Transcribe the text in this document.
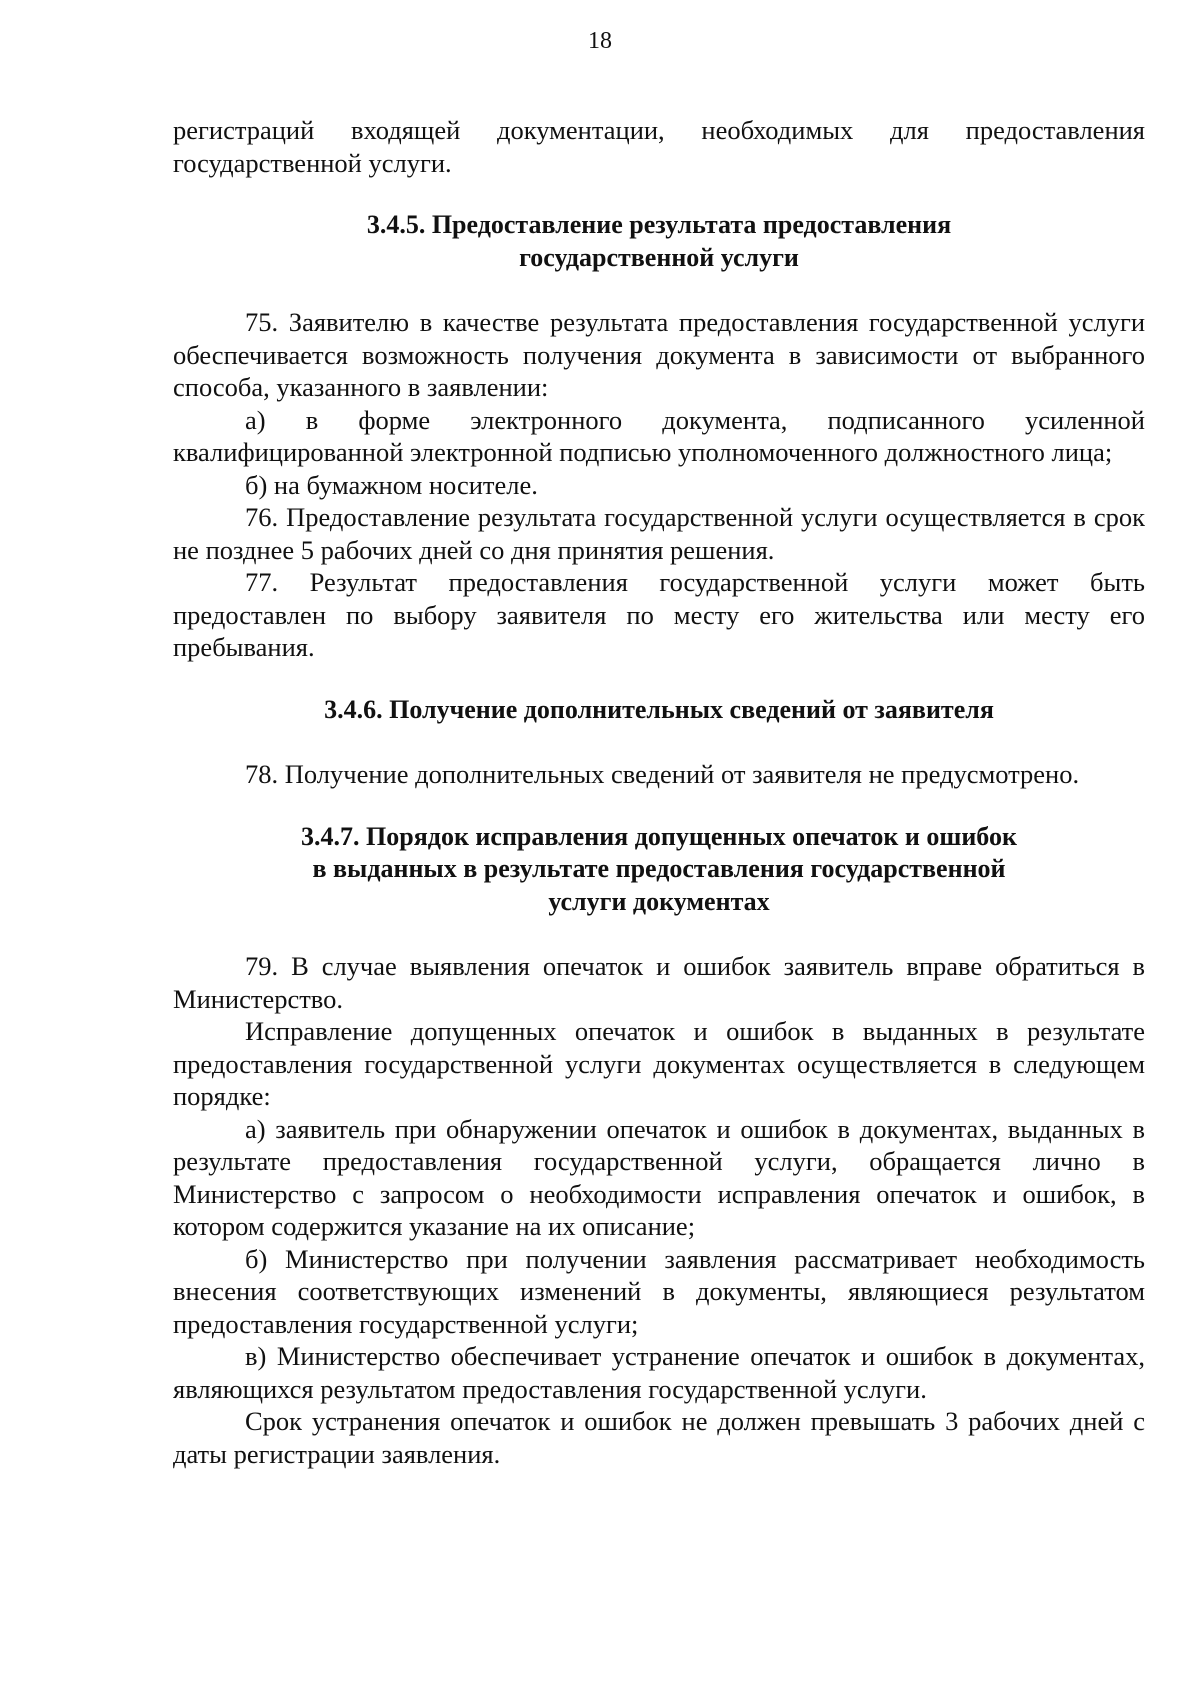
18

регистраций входящей документации, необходимых для предоставления государственной услуги.

3.4.5. Предоставление результата предоставления
государственной услуги

75. Заявителю в качестве результата предоставления государственной услуги обеспечивается возможность получения документа в зависимости от выбранного способа, указанного в заявлении:

а) в форме электронного документа, подписанного усиленной квалифицированной электронной подписью уполномоченного должностного лица;

б) на бумажном носителе.

76. Предоставление результата государственной услуги осуществляется в срок не позднее 5 рабочих дней со дня принятия решения.

77. Результат предоставления государственной услуги может быть предоставлен по выбору заявителя по месту его жительства или месту его пребывания.

3.4.6. Получение дополнительных сведений от заявителя

78. Получение дополнительных сведений от заявителя не предусмотрено.

3.4.7. Порядок исправления допущенных опечаток и ошибок
в выданных в результате предоставления государственной
услуги документах

79. В случае выявления опечаток и ошибок заявитель вправе обратиться в Министерство.

Исправление допущенных опечаток и ошибок в выданных в результате предоставления государственной услуги документах осуществляется в следующем порядке:

а) заявитель при обнаружении опечаток и ошибок в документах, выданных в результате предоставления государственной услуги, обращается лично в Министерство с запросом о необходимости исправления опечаток и ошибок, в котором содержится указание на их описание;

б) Министерство при получении заявления рассматривает необходимость внесения соответствующих изменений в документы, являющиеся результатом предоставления государственной услуги;

в) Министерство обеспечивает устранение опечаток и ошибок в документах, являющихся результатом предоставления государственной услуги.

Срок устранения опечаток и ошибок не должен превышать 3 рабочих дней с даты регистрации заявления.
